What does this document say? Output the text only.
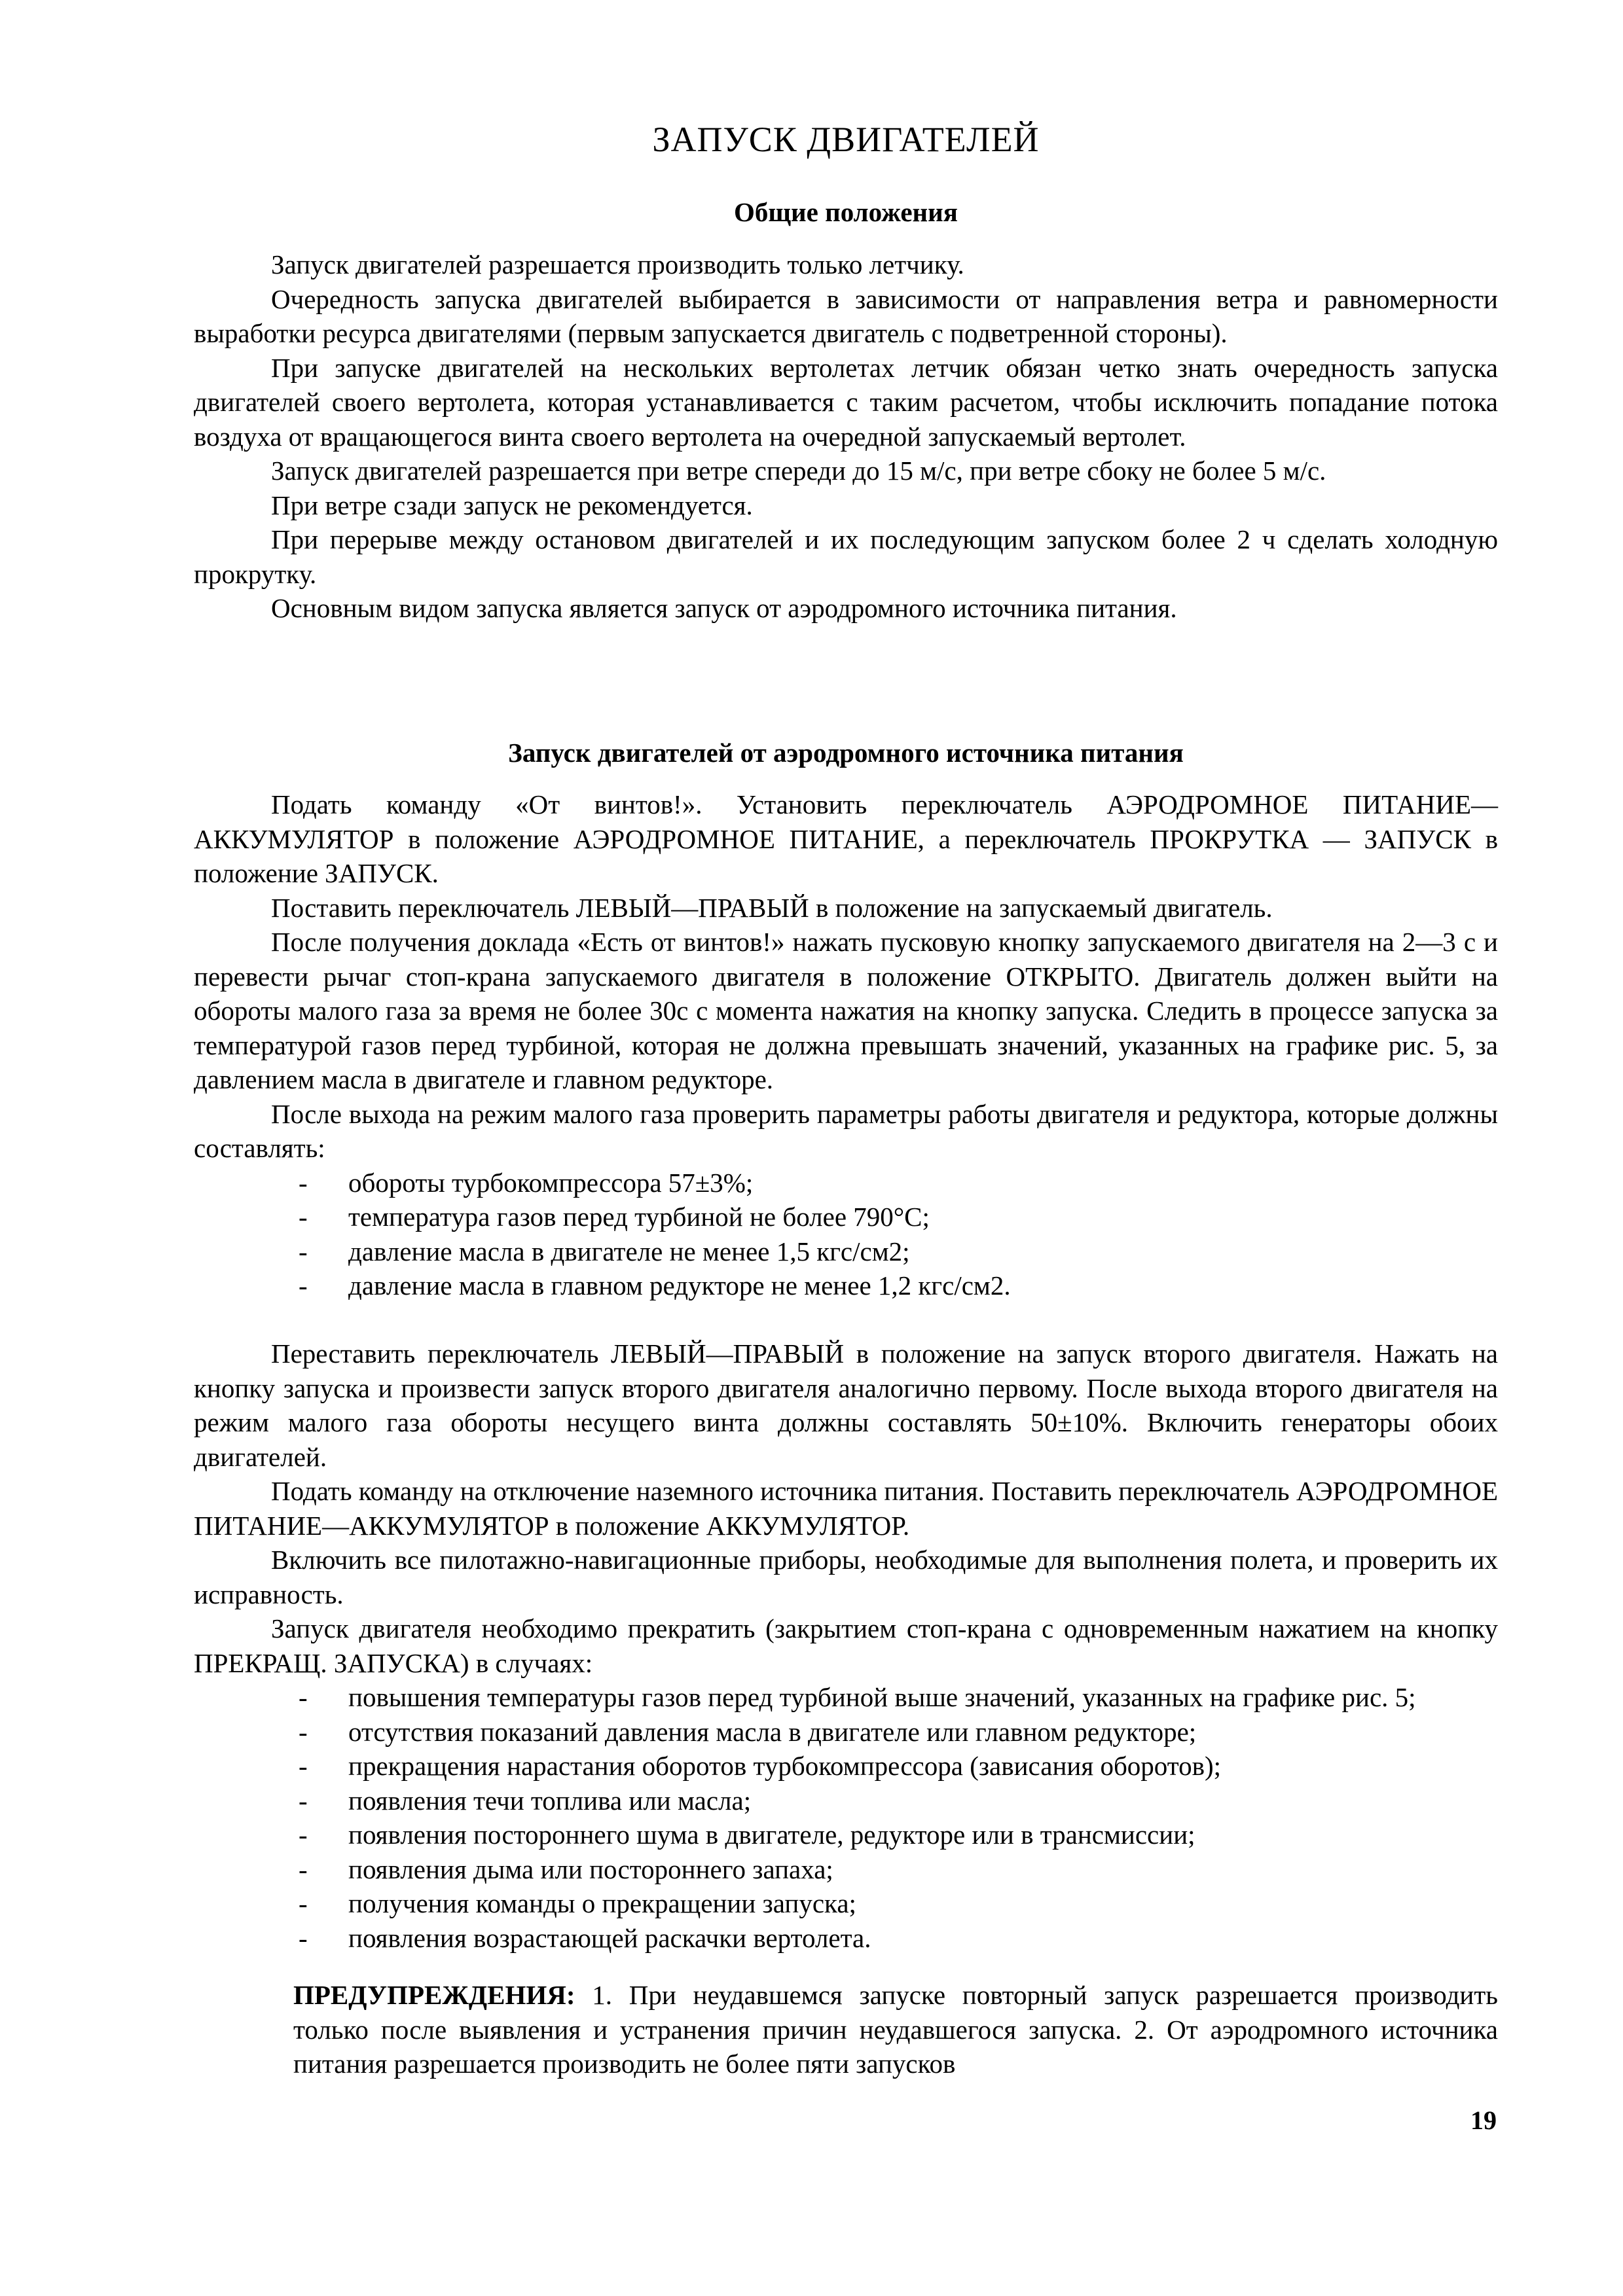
ЗАПУСК ДВИГАТЕЛЕЙ
Общие положения

Запуск двигателей разрешается производить только летчику.

Очередность запуска двигателей выбирается в зависимости от направления ветра и равномерности выработки ресурса двигателями (первым запускается двигатель с подветренной стороны).

При запуске двигателей на нескольких вертолетах летчик обязан четко знать очередность запуска двигателей своего вертолета, которая устанавливается с таким расчетом, чтобы исключить попадание потока воздуха от вращающегося винта своего вертолета на очередной запускаемый вертолет.

Запуск двигателей разрешается при ветре спереди до 15 м/с, при ветре сбоку не более 5 м/с.

При ветре сзади запуск не рекомендуется.

При перерыве между остановом двигателей и их последующим запуском более 2 ч сделать холодную прокрутку.

Основным видом запуска является запуск от аэродромного источника питания.

Запуск двигателей от аэродромного источника питания

Подать команду «От винтов!». Установить переключатель АЭРОДРОМНОЕ ПИТАНИЕ—АККУМУЛЯТОР в положение АЭРОДРОМНОЕ ПИТАНИЕ, а переключатель ПРОКРУТКА — ЗАПУСК в положение ЗАПУСК.

Поставить переключатель ЛЕВЫЙ—ПРАВЫЙ в положение на запускаемый двигатель.

После получения доклада «Есть от винтов!» нажать пусковую кнопку запускаемого двигателя на 2—3 с и перевести рычаг стоп-крана запускаемого двигателя в положение ОТКРЫТО. Двигатель должен выйти на обороты малого газа за время не более 30с с момента нажатия на кнопку запуска. Следить в процессе запуска за температурой газов перед турбиной, которая не должна превышать значений, указанных на графике рис. 5, за давлением масла в двигателе и главном редукторе.

После выхода на режим малого газа проверить параметры работы двигателя и редуктора, которые должны составлять:

- обороты турбокомпрессора 57±3%;
- температура газов перед турбиной не более 790°С;
- давление масла в двигателе не менее 1,5 кгс/см2;
- давление масла в главном редукторе не менее 1,2 кгс/см2.

Переставить переключатель ЛЕВЫЙ—ПРАВЫЙ в положение на запуск второго двигателя. Нажать на кнопку запуска и произвести запуск второго двигателя аналогично первому. После выхода второго двигателя на режим малого газа обороты несущего винта должны составлять 50±10%. Включить генераторы обоих двигателей.

Подать команду на отключение наземного источника питания. Поставить переключатель АЭРОДРОМНОЕ ПИТАНИЕ—АККУМУЛЯТОР в положение АККУМУЛЯТОР.

Включить все пилотажно-навигационные приборы, необходимые для выполнения полета, и проверить их исправность.

Запуск двигателя необходимо прекратить (закрытием стоп-крана с одновременным нажатием на кнопку ПРЕКРАЩ. ЗАПУСКА) в случаях:

- повышения температуры газов перед турбиной выше значений, указанных на графике рис. 5;
- отсутствия показаний давления масла в двигателе или главном редукторе;
- прекращения нарастания оборотов турбокомпрессора (зависания оборотов);
- появления течи топлива или масла;
- появления постороннего шума в двигателе, редукторе или в трансмиссии;
- появления дыма или постороннего запаха;
- получения команды о прекращении запуска;
- появления возрастающей раскачки вертолета.

ПРЕДУПРЕЖДЕНИЯ: 1. При неудавшемся запуске повторный запуск разрешается производить только после выявления и устранения причин неудавшегося запуска. 2. От аэродромного источника питания разрешается производить не более пяти запусков

19
